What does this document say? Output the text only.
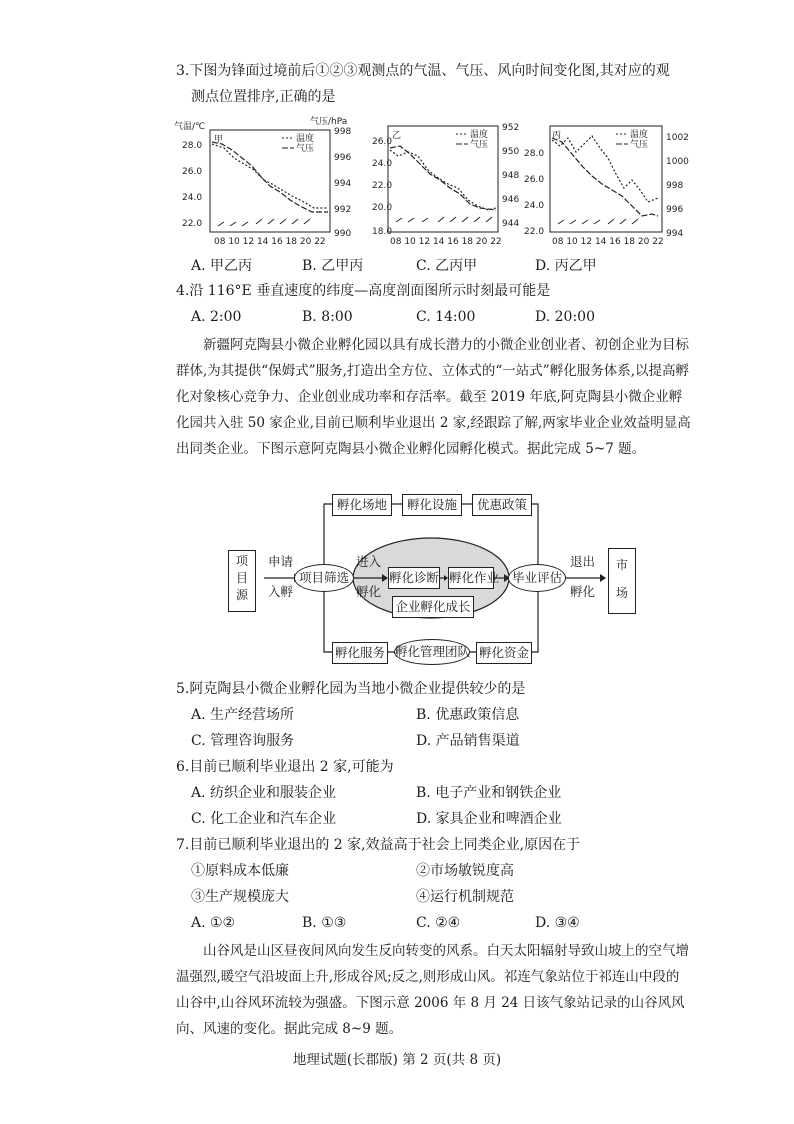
3.下图为锋面过境前后①②③观测点的气温、气压、风向时间变化图,其对应的观
测点位置排序,正确的是
气温/℃	气压/hPa
甲	温度
气压
28.0
26.0
24.0
22.0
998
996
994
992
990
08 10 12 14 16 18 20 22
乙	温度
气压
26.0
24.0
22.0
20.0
18.0
952
950
948
946
944
08 10 12 14 16 18 20 22
丙	温度
气压
28.0
26.0
24.0
22.0
1002
1000
998
996
994
08 10 12 14 16 18 20 22
A. 甲乙丙	B. 乙甲丙	C. 乙丙甲	D. 丙乙甲
4.沿 116°E 垂直速度的纬度—高度剖面图所示时刻最可能是
A. 2:00	B. 8:00	C. 14:00	D. 20:00
新疆阿克陶县小微企业孵化园以具有成长潜力的小微企业创业者、初创企业为目标群体,为其提供“保姆式”服务,打造出全方位、立体式的“一站式”孵化服务体系,以提高孵化对象核心竞争力、企业创业成功率和存活率。截至 2019 年底,阿克陶县小微企业孵化园共入驻 50 家企业,目前已顺利毕业退出 2 家,经跟踪了解,两家毕业企业效益明显高出同类企业。下图示意阿克陶县小微企业孵化园孵化模式。据此完成 5~7 题。
项目源
申请
入孵
项目筛选
进入
孵化
孵化诊断 孵化作业
企业孵化成长
毕业评估
退出
孵化
市场
孵化场地	孵化设施	优惠政策
孵化服务 孵化管理团队 孵化资金
5.阿克陶县小微企业孵化园为当地小微企业提供较少的是
A. 生产经营场所	B. 优惠政策信息
C. 管理咨询服务	D. 产品销售渠道
6.目前已顺利毕业退出 2 家,可能为
A. 纺织企业和服装企业	B. 电子产业和钢铁企业
C. 化工企业和汽车企业	D. 家具企业和啤酒企业
7.目前已顺利毕业退出的 2 家,效益高于社会上同类企业,原因在于
①原料成本低廉	②市场敏锐度高
③生产规模庞大	④运行机制规范
A. ①②	B. ①③	C. ②④	D. ③④
山谷风是山区昼夜间风向发生反向转变的风系。白天太阳辐射导致山坡上的空气增温强烈,暖空气沿坡面上升,形成谷风;反之,则形成山风。祁连气象站位于祁连山中段的山谷中,山谷风环流较为强盛。下图示意 2006 年 8 月 24 日该气象站记录的山谷风风向、风速的变化。据此完成 8~9 题。
地理试题(长郡版) 第 2 页(共 8 页)
